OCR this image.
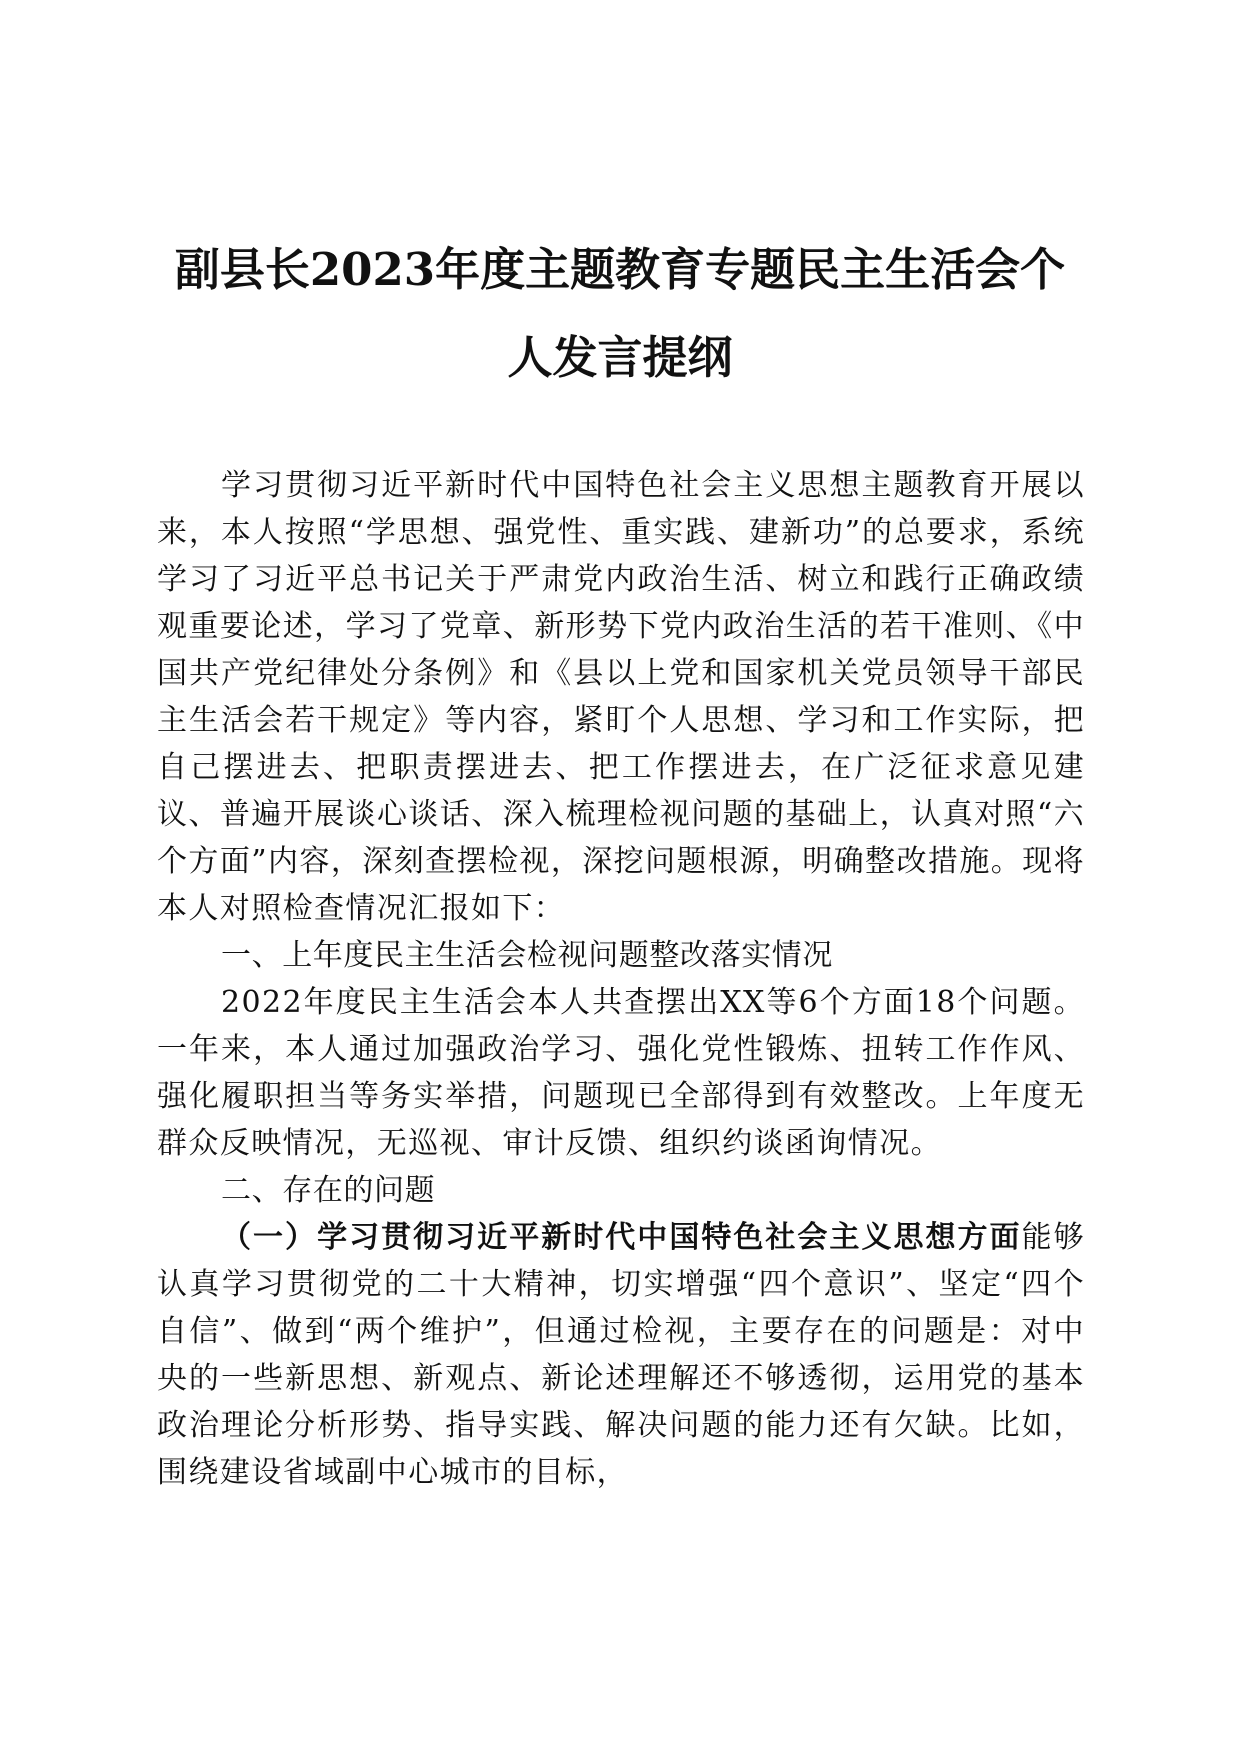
副县长2023年度主题教育专题民主生活会个
人发言提纲

学习贯彻习近平新时代中国特色社会主义思想主题教育开展以来，本人按照“学思想、强党性、重实践、建新功”的总要求，系统学习了习近平总书记关于严肃党内政治生活、树立和践行正确政绩观重要论述，学习了党章、新形势下党内政治生活的若干准则、《中国共产党纪律处分条例》和《县以上党和国家机关党员领导干部民主生活会若干规定》等内容，紧盯个人思想、学习和工作实际，把自己摆进去、把职责摆进去、把工作摆进去，在广泛征求意见建议、普遍开展谈心谈话、深入梳理检视问题的基础上，认真对照“六个方面”内容，深刻查摆检视，深挖问题根源，明确整改措施。现将本人对照检查情况汇报如下：

一、上年度民主生活会检视问题整改落实情况

2022年度民主生活会本人共查摆出XX等6个方面18个问题。一年来，本人通过加强政治学习、强化党性锻炼、扭转工作作风、强化履职担当等务实举措，问题现已全部得到有效整改。上年度无群众反映情况，无巡视、审计反馈、组织约谈函询情况。

二、存在的问题

（一）学习贯彻习近平新时代中国特色社会主义思想方面能够认真学习贯彻党的二十大精神，切实增强“四个意识”、坚定“四个自信”、做到“两个维护”，但通过检视，主要存在的问题是：对中央的一些新思想、新观点、新论述理解还不够透彻，运用党的基本政治理论分析形势、指导实践、解决问题的能力还有欠缺。比如，围绕建设省域副中心城市的目标，
